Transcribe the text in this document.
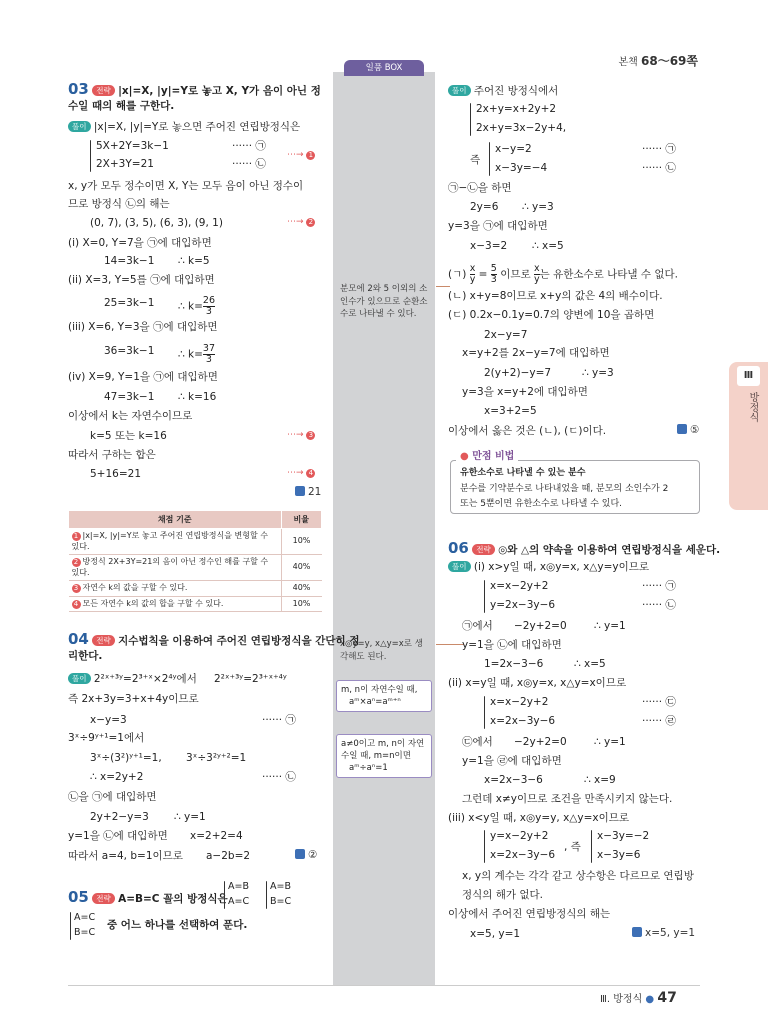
본책 68〜69쪽
일품 BOX
분모에 2와 5 이외의 소인수가 있으므로 순환소수로 나타낼 수 있다.
x◎y=y, x△y=x로 생각해도 된다.
m, n이 자연수일 때,
aᵐ×aⁿ=aᵐ⁺ⁿ
a≠0이고 m, n이 자연
수일 때, m=n이면
aᵐ÷aⁿ=1
03 전략 |x|=X, |y|=Y로 놓고 X, Y가 음이 아닌 정
수일 때의 해를 구한다.
풀이 |x|=X, |y|=Y로 놓으면 주어진 연립방정식은
5X+2Y=3k−1	······ ㉠
⋯→ 1
2X+3Y=21	······ ㉡
x, y가 모두 정수이면 X, Y는 모두 음이 아닌 정수이
므로 방정식 ㉡의 해는
(0, 7), (3, 5), (6, 3), (9, 1)	⋯→ 2
(i) X=0, Y=7을 ㉠에 대입하면
14=3k−1 ∴ k=5
(ii) X=3, Y=5를 ㉠에 대입하면
25=3k−1 ∴ $k= \frac{26}{3}$
(iii) X=6, Y=3을 ㉠에 대입하면
36=3k−1 ∴ $k= \frac{37}{3}$
(iv) X=9, Y=1을 ㉠에 대입하면
47=3k−1 ∴ k=16
이상에서 k는 자연수이므로
k=5 또는 k=16	⋯→ 3
따라서 구하는 합은
5+16=21	⋯→ 4
21
채점 기준	비율
1 |x|=X, |y|=Y로 놓고 주어진 연립방정식을 변형할 수 있다.	10%
2 방정식 2X+3Y=21의 음이 아닌 정수인 해를 구할 수 있다.	40%
3 자연수 k의 값을 구할 수 있다.	40%
4 모든 자연수 k의 값의 합을 구할 수 있다.	10%
04 전략 지수법칙을 이용하여 주어진 연립방정식을 간단히 정
리한다.
풀이 2²ˣ⁺³ʸ=2³⁺ˣ×2⁴ʸ에서 2²ˣ⁺³ʸ=2³⁺ˣ⁺⁴ʸ
즉 2x+3y=3+x+4y이므로
x−y=3	······ ㉠
3ˣ÷9ʸ⁺¹=1에서
3ˣ÷(3²)ʸ⁺¹=1, 3ˣ÷3²ʸ⁺²=1
∴ x=2y+2	······ ㉡
㉡을 ㉠에 대입하면
2y+2−y=3 ∴ y=1
y=1을 ㉡에 대입하면 x=2+2=4
따라서 a=4, b=1이므로 a−2b=2	②
05 전략 A=B=C 꼴의 방정식은
A=B
A=C
A=B
B=C
A=C
B=C
중 어느 하나를 선택하여 푼다.
풀이 주어진 방정식에서
2x+y=x+2y+2
2x+y=3x−2y+4,
즉
x−y=2	······ ㉠
x−3y=−4	······ ㉡
㉠−㉡을 하면
2y=6 ∴ y=3
y=3을 ㉠에 대입하면
x−3=2 ∴ x=5
(ㄱ) $\frac{x}{y} = \frac{5}{3}$ 이므로 $\frac{x}{y}$ 는 유한소수로 나타낼 수 없다.
(ㄴ) x+y=8이므로 x+y의 값은 4의 배수이다.
(ㄷ) 0.2x−0.1y=0.7의 양변에 10을 곱하면
2x−y=7
x=y+2를 2x−y=7에 대입하면
2(y+2)−y=7	∴ y=3
y=3을 x=y+2에 대입하면
x=3+2=5
이상에서 옳은 것은 (ㄴ), (ㄷ)이다.	⑤
● 만점 비법
유한소수로 나타낼 수 있는 분수
분수를 기약분수로 나타내었을 때, 분모의 소인수가 2
또는 5뿐이면 유한소수로 나타낼 수 있다.
06 전략 ◎와 △의 약속을 이용하여 연립방정식을 세운다.
풀이 (i) x>y일 때, x◎y=x, x△y=y이므로
x=x−2y+2	······ ㉠
y=2x−3y−6	······ ㉡
㉠에서 −2y+2=0	∴ y=1
y=1을 ㉡에 대입하면
1=2x−3−6	∴ x=5
(ii) x=y일 때, x◎y=x, x△y=x이므로
x=x−2y+2	······ ㉢
x=2x−3y−6	······ ㉣
㉢에서 −2y+2=0	∴ y=1
y=1을 ㉣에 대입하면
x=2x−3−6	∴ x=9
그런데 x≠y이므로 조건을 만족시키지 않는다.
(iii) x<y일 때, x◎y=y, x△y=x이므로
y=x−2y+2
x=2x−3y−6
, 즉
x−3y=−2
x−3y=6
x, y의 계수는 각각 같고 상수항은 다르므로 연립방
정식의 해가 없다.
이상에서 주어진 연립방정식의 해는
x=5, y=1	x=5, y=1
Ⅲ
방정식
Ⅲ. 방정식 ● 47
